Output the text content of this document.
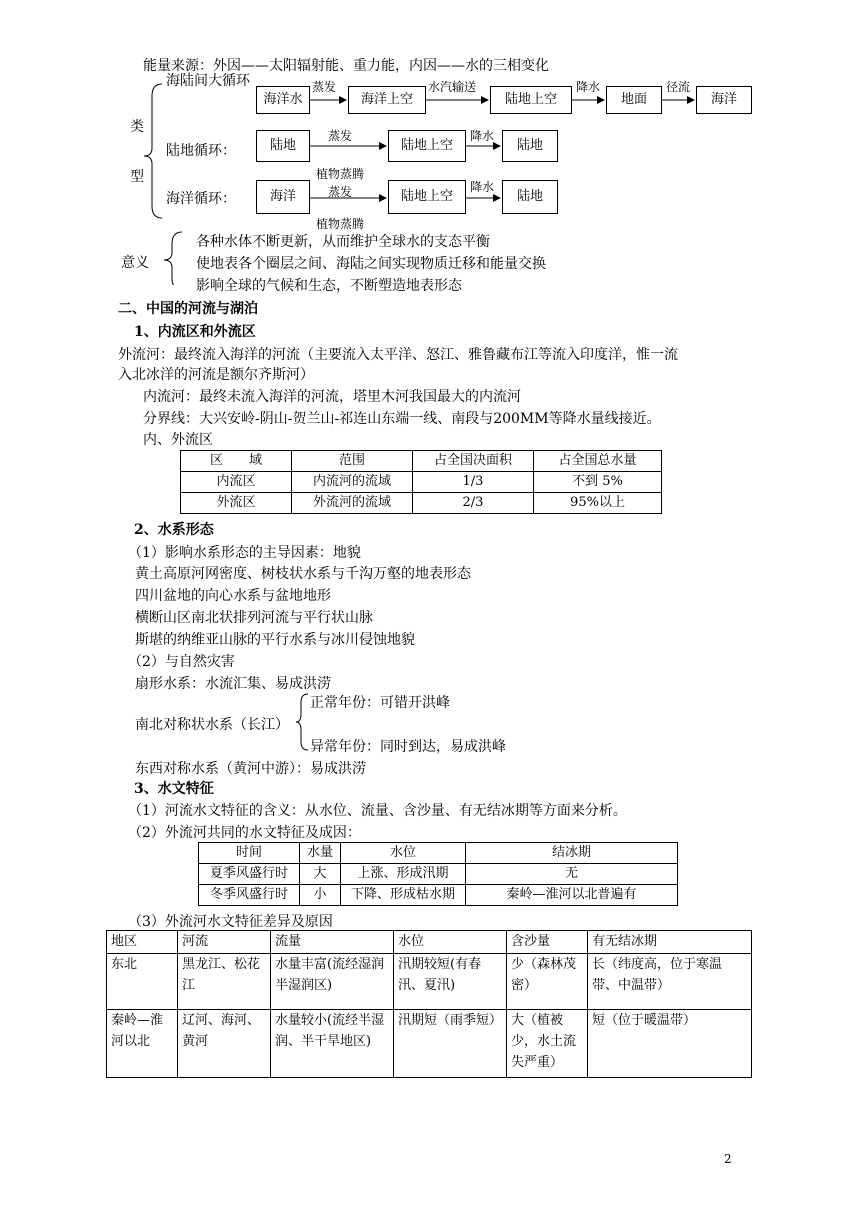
能量来源：外因——太阳辐射能、重力能，内因——水的三相变化
类
型
海陆间大循环
海洋水	海洋上空	陆地上空	地面	海洋
蒸发	水汽输送	降水	径流
陆地循环：	陆地	陆地上空	陆地
蒸发	降水
植物蒸腾
海洋循环：	海洋	陆地上空	陆地
蒸发	降水
植物蒸腾
意义
各种水体不断更新，从而维护全球水的支态平衡
使地表各个圈层之间、海陆之间实现物质迁移和能量交换
影响全球的气候和生态，不断塑造地表形态
二、中国的河流与湖泊
1、内流区和外流区
外流河：最终流入海洋的河流（主要流入太平洋、怒江、雅鲁藏布江等流入印度洋，惟一流
入北冰洋的河流是额尔齐斯河）
内流河：最终未流入海洋的河流，塔里木河我国最大的内流河
分界线：大兴安岭-阴山-贺兰山-祁连山东端一线、南段与200MM等降水量线接近。
内、外流区
区　　域	范围	占全国决面积	占全国总水量
内流区	内流河的流域	1/3	不到 5%
外流区	外流河的流域	2/3	95%以上
2、水系形态
（1）影响水系形态的主导因素：地貌
黄土高原河网密度、树枝状水系与千沟万壑的地表形态
四川盆地的向心水系与盆地地形
横断山区南北状排列河流与平行状山脉
斯堪的纳维亚山脉的平行水系与冰川侵蚀地貌
（2）与自然灾害
扇形水系：水流汇集、易成洪涝
南北对称状水系（长江）
正常年份：可错开洪峰
异常年份：同时到达，易成洪峰
东西对称水系（黄河中游）：易成洪涝
3、水文特征
（1）河流水文特征的含义：从水位、流量、含沙量、有无结冰期等方面来分析。
（2）外流河共同的水文特征及成因：
时间	水量	水位	结冰期
夏季风盛行时	大	上涨、形成汛期	无
冬季风盛行时	小	下降、形成枯水期	秦岭—淮河以北普遍有
（3）外流河水文特征差异及原因
地区	河流	流量	水位	含沙量	有无结冰期
东北	黑龙江、松花江	水量丰富(流经湿润半湿润区)	汛期较短(有春汛、夏汛)	少（森林茂密）	长（纬度高，位于寒温带、中温带）
秦岭—淮河以北	辽河、海河、黄河	水量较小(流经半湿润、半干旱地区)	汛期短（雨季短）	大（植被少，水土流失严重）	短（位于暖温带）
2
